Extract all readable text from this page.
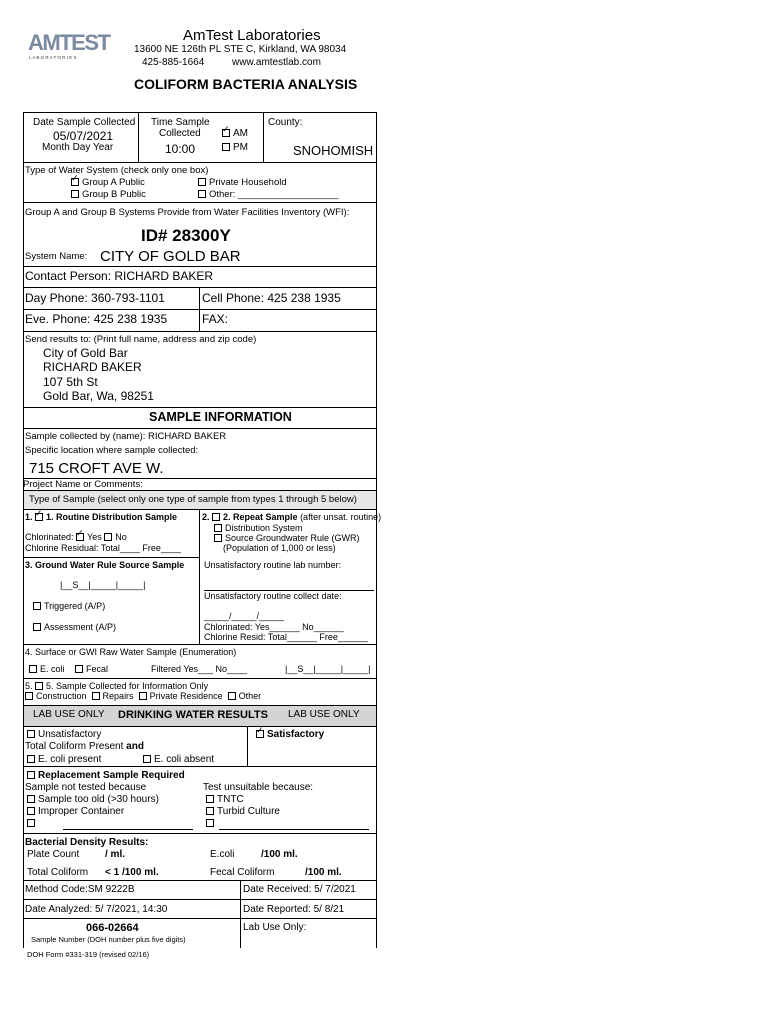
AMTEST
L A B O R A T O R I E S
AmTest Laboratories
13600 NE 126th PL STE C, Kirkland, WA 98034
425-885-1664	www.amtestlab.com
COLIFORM BACTERIA ANALYSIS
Date Sample Collected
05/07/2021
Month Day Year
Time Sample
Collected
10:00
✓AM
PM
County:
SNOHOMISH
Type of Water System (check only one box)
✓Group A Public
Group B Public
Private Household
Other: ___________________
Group A and Group B Systems Provide from Water Facilities Inventory (WFI):
ID# 28300Y
System Name: CITY OF GOLD BAR
Contact Person: RICHARD BAKER
Day Phone: 360-793-1101	Cell Phone: 425 238 1935
Eve. Phone: 425 238 1935	FAX:
Send results to: (Print full name, address and zip code)
City of Gold Bar
RICHARD BAKER
107 5th St
Gold Bar, Wa, 98251
SAMPLE INFORMATION
Sample collected by (name): RICHARD BAKER
Specific location where sample collected:
715 CROFT AVE W.
Project Name or Comments:
Type of Sample (select only one type of sample from types 1 through 5 below)
1. ✓1. Routine Distribution Sample
Chlorinated: ✓ Yes No
Chlorine Residual: Total____ Free____
2. 2. Repeat Sample (after unsat. routine)
Distribution System
Source Groundwater Rule (GWR)
(Population of 1,000 or less)
3. Ground Water Rule Source Sample
|__S__|_____|_____|
Triggered (A/P)
Assessment (A/P)
Unsatisfactory routine lab number:
Unsatisfactory routine collect date:
_____/_____/_____
Chlorinated: Yes______ No______
Chlorine Resid: Total______ Free______
4. Surface or GWI Raw Water Sample (Enumeration)
E. coli	Fecal	Filtered Yes___ No____	|__S__|_____|_____|
5. 5. Sample Collected for Information Only
Construction Repairs Private Residence Other
LAB USE ONLY DRINKING WATER RESULTS LAB USE ONLY
Unsatisfactory
Total Coliform Present and
E. coli present	E. coli absent
✓Satisfactory
Replacement Sample Required
Sample not tested because
Sample too old (>30 hours)
Improper Container
Test unsuitable because:
TNTC
Turbid Culture
Bacterial Density Results:
Plate Count	/ ml.	E.coli	/100 ml.
Total Coliform < 1 /100 ml.	Fecal Coliform	/100 ml.
Method Code:SM 9222B	Date Received: 5/ 7/2021
Date Analyzed: 5/ 7/2021, 14:30	Date Reported: 5/ 8/21
066-02664
Sample Number (DOH number plus five digits)
Lab Use Only:
DOH Form #331-319 (revised 02/16)
